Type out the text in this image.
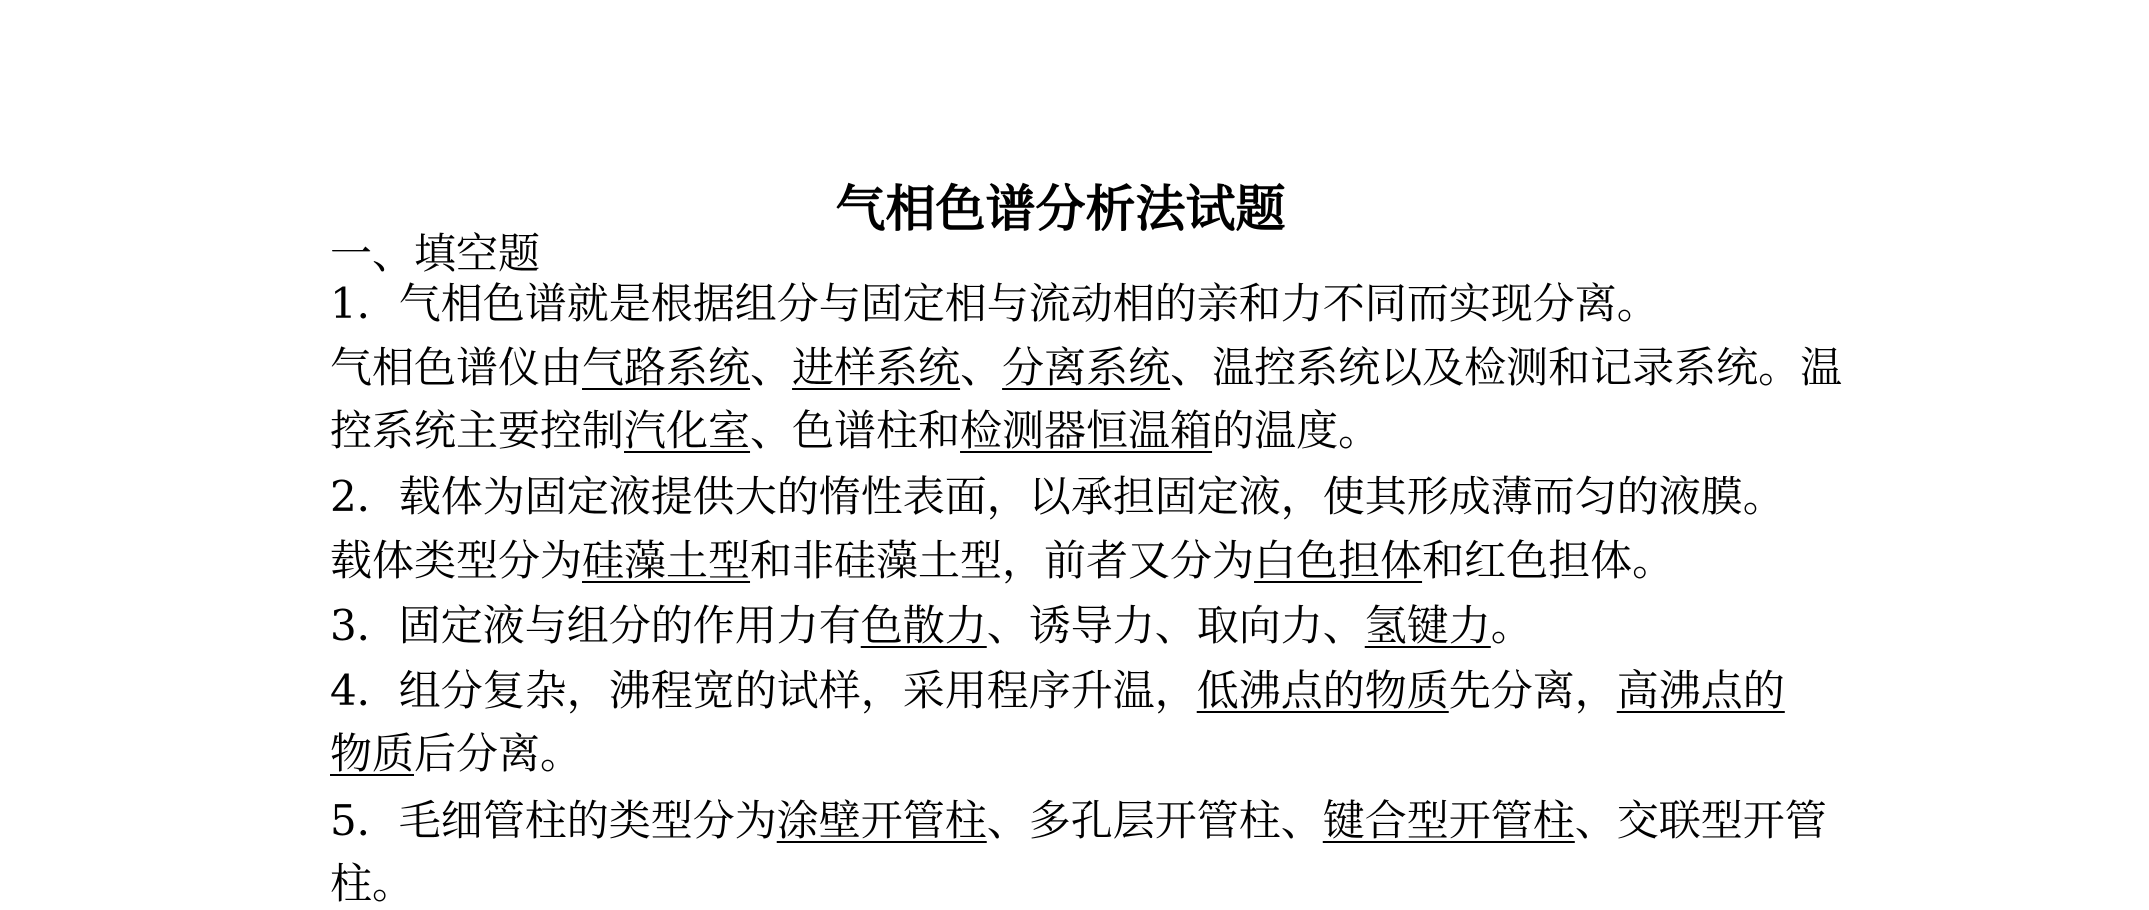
气相色谱分析法试题
一、填空题
1．气相色谱就是根据组分与固定相与流动相的亲和力不同而实现分离。
气相色谱仪由气路系统、进样系统、分离系统、温控系统以及检测和记录系统。温
控系统主要控制汽化室、色谱柱和检测器恒温箱的温度。
2．载体为固定液提供大的惰性表面，以承担固定液，使其形成薄而匀的液膜。
载体类型分为硅藻土型和非硅藻土型，前者又分为白色担体和红色担体。
3．固定液与组分的作用力有色散力、诱导力、取向力、氢键力。
4．组分复杂，沸程宽的试样，采用程序升温，低沸点的物质先分离，高沸点的
物质后分离。
5．毛细管柱的类型分为涂壁开管柱、多孔层开管柱、键合型开管柱、交联型开管
柱。
